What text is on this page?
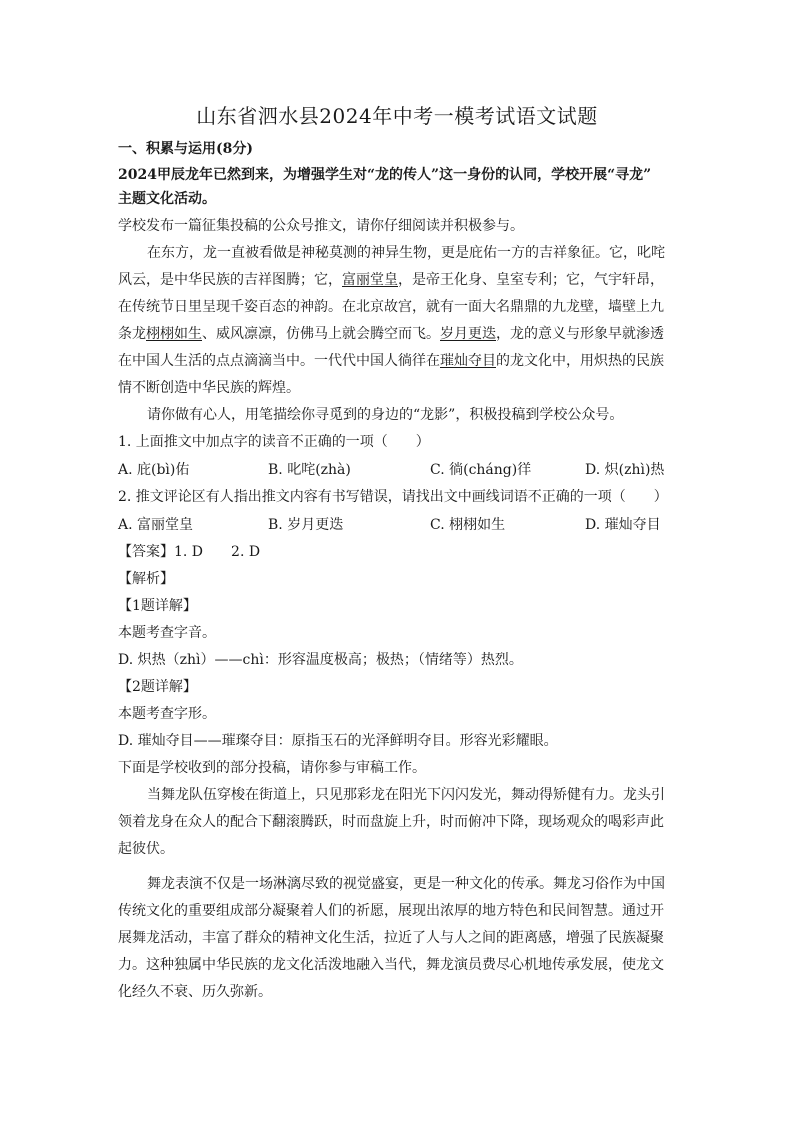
山东省泗水县2024年中考一模考试语文试题
一、积累与运用(8分)
2024甲辰龙年已然到来，为增强学生对“龙的传人”这一身份的认同，学校开展“寻龙”
主题文化活动。
学校发布一篇征集投稿的公众号推文，请你仔细阅读并积极参与。
在东方，龙一直被看做是神秘莫测的神异生物，更是庇佑一方的吉祥象征。它，叱咤
风云，是中华民族的吉祥图腾；它，富丽堂皇，是帝王化身、皇室专利；它，气宇轩昂，
在传统节日里呈现千姿百态的神韵。在北京故宫，就有一面大名鼎鼎的九龙壁，墙壁上九
条龙栩栩如生、威风凛凛，仿佛马上就会腾空而飞。岁月更迭，龙的意义与形象早就渗透
在中国人生活的点点滴滴当中。一代代中国人徜徉在璀灿夺目的龙文化中，用炽热的民族
情不断创造中华民族的辉煌。
请你做有心人，用笔描绘你寻觅到的身边的“龙影”，积极投稿到学校公众号。
1. 上面推文中加点字的读音不正确的一项（　　）
A. 庇(bì)佑	B. 叱咤(zhà)	C. 徜(cháng)徉	D. 炽(zhì)热
2. 推文评论区有人指出推文内容有书写错误，请找出文中画线词语不正确的一项（　　）
A. 富丽堂皇	B. 岁月更迭	C. 栩栩如生	D. 璀灿夺目
【答案】1. D　　2. D
【解析】
【1题详解】
本题考查字音。
D. 炽热（zhì）——chì：形容温度极高；极热；（情绪等）热烈。
【2题详解】
本题考查字形。
D. 璀灿夺目——璀璨夺目：原指玉石的光泽鲜明夺目。形容光彩耀眼。
下面是学校收到的部分投稿，请你参与审稿工作。
当舞龙队伍穿梭在街道上，只见那彩龙在阳光下闪闪发光，舞动得矫健有力。龙头引
领着龙身在众人的配合下翻滚腾跃，时而盘旋上升，时而俯冲下降，现场观众的喝彩声此
起彼伏。
舞龙表演不仅是一场淋漓尽致的视觉盛宴，更是一种文化的传承。舞龙习俗作为中国
传统文化的重要组成部分凝聚着人们的祈愿，展现出浓厚的地方特色和民间智慧。通过开
展舞龙活动，丰富了群众的精神文化生活，拉近了人与人之间的距离感，增强了民族凝聚
力。这种独属中华民族的龙文化活泼地融入当代，舞龙演员费尽心机地传承发展，使龙文
化经久不衰、历久弥新。
